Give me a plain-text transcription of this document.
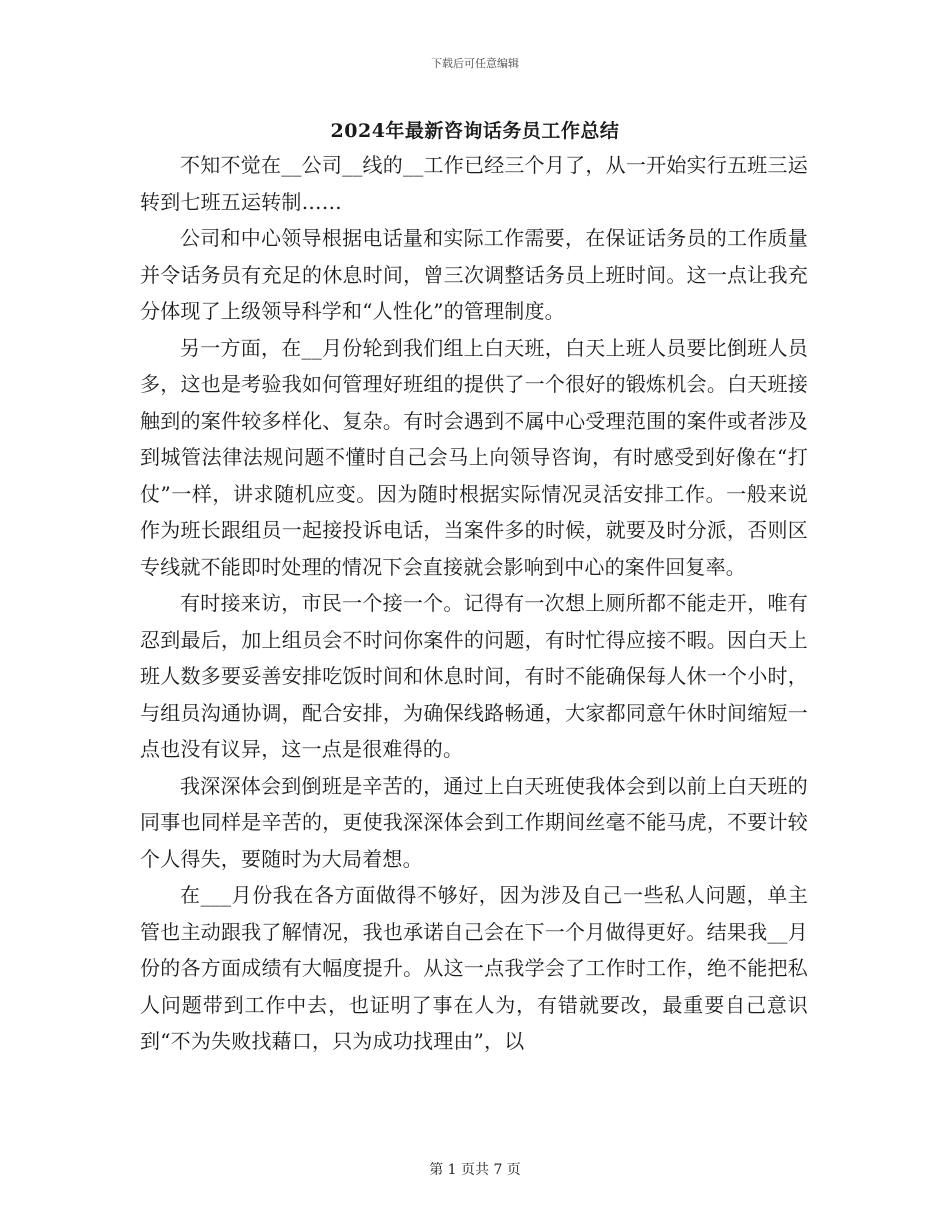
下载后可任意编辑
2024年最新咨询话务员工作总结

不知不觉在__公司__线的__工作已经三个月了，从一开始实行五班三运转到七班五运转制……

公司和中心领导根据电话量和实际工作需要，在保证话务员的工作质量并令话务员有充足的休息时间，曾三次调整话务员上班时间。这一点让我充分体现了上级领导科学和“人性化”的管理制度。

另一方面，在__月份轮到我们组上白天班，白天上班人员要比倒班人员多，这也是考验我如何管理好班组的提供了一个很好的锻炼机会。白天班接触到的案件较多样化、复杂。有时会遇到不属中心受理范围的案件或者涉及到城管法律法规问题不懂时自己会马上向领导咨询，有时感受到好像在“打仗”一样，讲求随机应变。因为随时根据实际情况灵活安排工作。一般来说作为班长跟组员一起接投诉电话，当案件多的时候，就要及时分派，否则区专线就不能即时处理的情况下会直接就会影响到中心的案件回复率。

有时接来访，市民一个接一个。记得有一次想上厕所都不能走开，唯有忍到最后，加上组员会不时问你案件的问题，有时忙得应接不暇。因白天上班人数多要妥善安排吃饭时间和休息时间，有时不能确保每人休一个小时，与组员沟通协调，配合安排，为确保线路畅通，大家都同意午休时间缩短一点也没有议异，这一点是很难得的。

我深深体会到倒班是辛苦的，通过上白天班使我体会到以前上白天班的同事也同样是辛苦的，更使我深深体会到工作期间丝毫不能马虎，不要计较个人得失，要随时为大局着想。

在___月份我在各方面做得不够好，因为涉及自己一些私人问题，单主管也主动跟我了解情况，我也承诺自己会在下一个月做得更好。结果我__月份的各方面成绩有大幅度提升。从这一点我学会了工作时工作，绝不能把私人问题带到工作中去，也证明了事在人为，有错就要改，最重要自己意识到“不为失败找藉口，只为成功找理由”，以

第 1 页共 7 页
